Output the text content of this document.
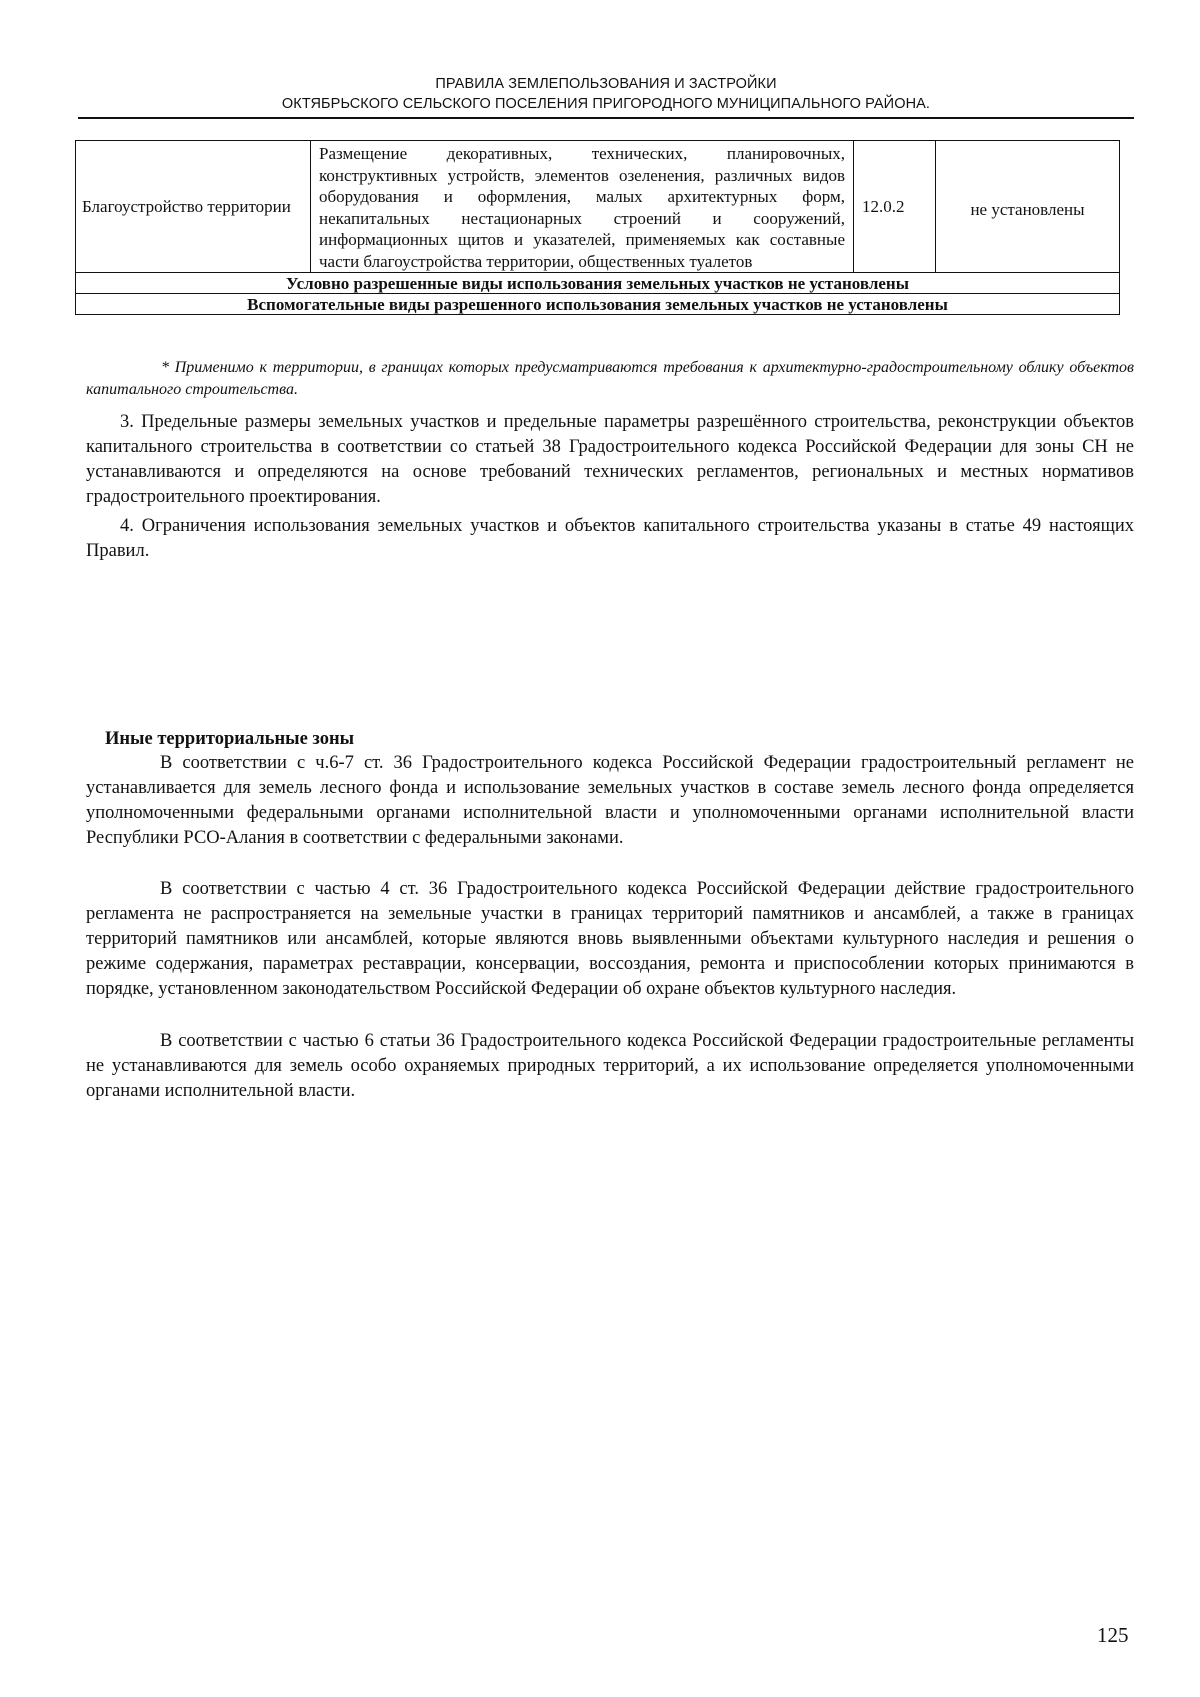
ПРАВИЛА ЗЕМЛЕПОЛЬЗОВАНИЯ И ЗАСТРОЙКИ
ОКТЯБРЬСКОГО СЕЛЬСКОГО ПОСЕЛЕНИЯ ПРИГОРОДНОГО МУНИЦИПАЛЬНОГО РАЙОНА.
Благоустройство территории	Размещение декоративных, технических, планировочных, конструктивных устройств, элементов озеленения, различных видов оборудования и оформления, малых архитектурных форм, некапитальных нестационарных строений и сооружений, информационных щитов и указателей, применяемых как составные части благоустройства территории, общественных туалетов	12.0.2	не установлены
Условно разрешенные виды использования земельных участков не установлены
Вспомогательные виды разрешенного использования земельных участков не установлены
* Применимо к территории, в границах которых предусматриваются требования к архитектурно-градостроительному облику объектов капитального строительства.
3. Предельные размеры земельных участков и предельные параметры разрешённого строительства, реконструкции объектов капитального строительства в соответствии со статьей 38 Градостроительного кодекса Российской Федерации для зоны СН не устанавливаются и определяются на основе требований технических регламентов, региональных и местных нормативов градостроительного проектирования.
4. Ограничения использования земельных участков и объектов капитального строительства указаны в статье 49 настоящих Правил.
Иные территориальные зоны
В соответствии с ч.6-7 ст. 36 Градостроительного кодекса Российской Федерации градостроительный регламент не устанавливается для земель лесного фонда и использование земельных участков в составе земель лесного фонда определяется уполномоченными федеральными органами исполнительной власти и уполномоченными органами исполнительной власти Республики РСО-Алания в соответствии с федеральными законами.
В соответствии с частью 4 ст. 36 Градостроительного кодекса Российской Федерации действие градостроительного регламента не распространяется на земельные участки в границах территорий памятников и ансамблей, а также в границах территорий памятников или ансамблей, которые являются вновь выявленными объектами культурного наследия и решения о режиме содержания, параметрах реставрации, консервации, воссоздания, ремонта и приспособлении которых принимаются в порядке, установленном законодательством Российской Федерации об охране объектов культурного наследия.
В соответствии с частью 6 статьи 36 Градостроительного кодекса Российской Федерации градостроительные регламенты не устанавливаются для земель особо охраняемых природных территорий, а их использование определяется уполномоченными органами исполнительной власти.
125
